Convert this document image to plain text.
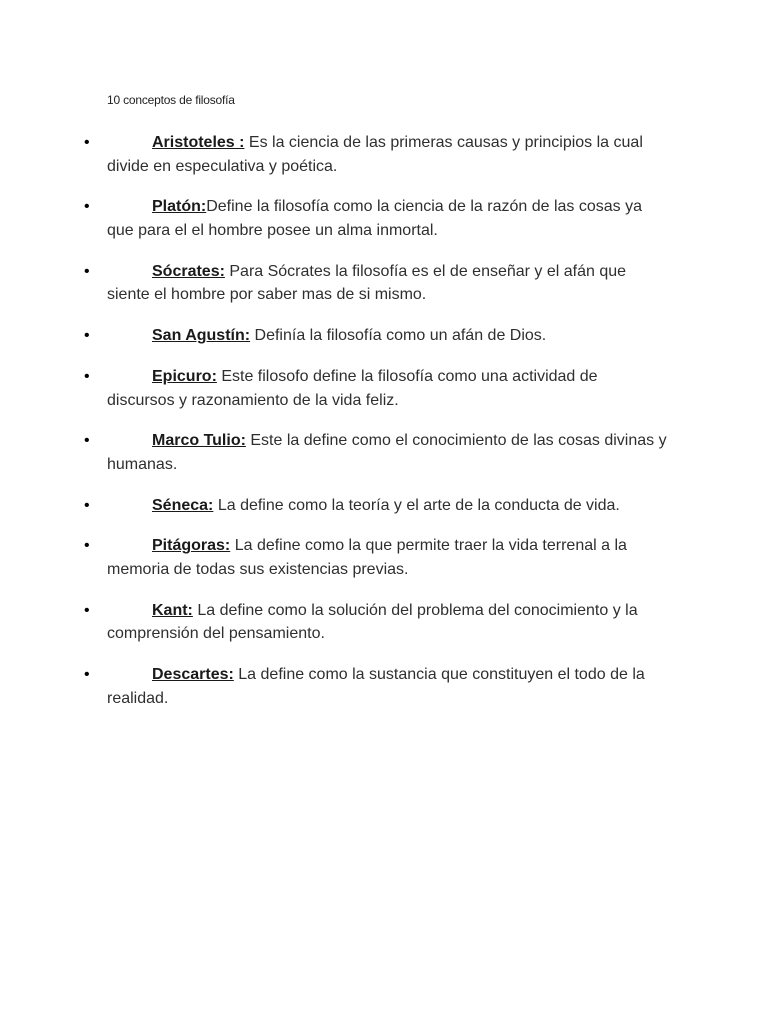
10 conceptos de filosofía
•	Aristoteles : Es la ciencia de las primeras causas y principios la cual divide en especulativa y poética.
•	Platón:Define la filosofía como la ciencia de la razón de las cosas ya que para el el hombre posee un alma inmortal.
•	Sócrates: Para Sócrates la filosofía es el de enseñar y el afán que siente el hombre por saber mas de si mismo.
•	San Agustín: Definía la filosofía como un afán de Dios.
•	Epicuro: Este filosofo define la filosofía como una actividad de discursos y razonamiento de la vida feliz.
•	Marco Tulio: Este la define como el conocimiento de las cosas divinas y humanas.
•	Séneca: La define como la teoría y el arte de la conducta de vida.
•	Pitágoras: La define como la que permite traer la vida terrenal a la memoria de todas sus existencias previas.
•	Kant: La define como la solución del problema del conocimiento y la comprensión del pensamiento.
•	Descartes: La define como la sustancia que constituyen el todo de la realidad.
